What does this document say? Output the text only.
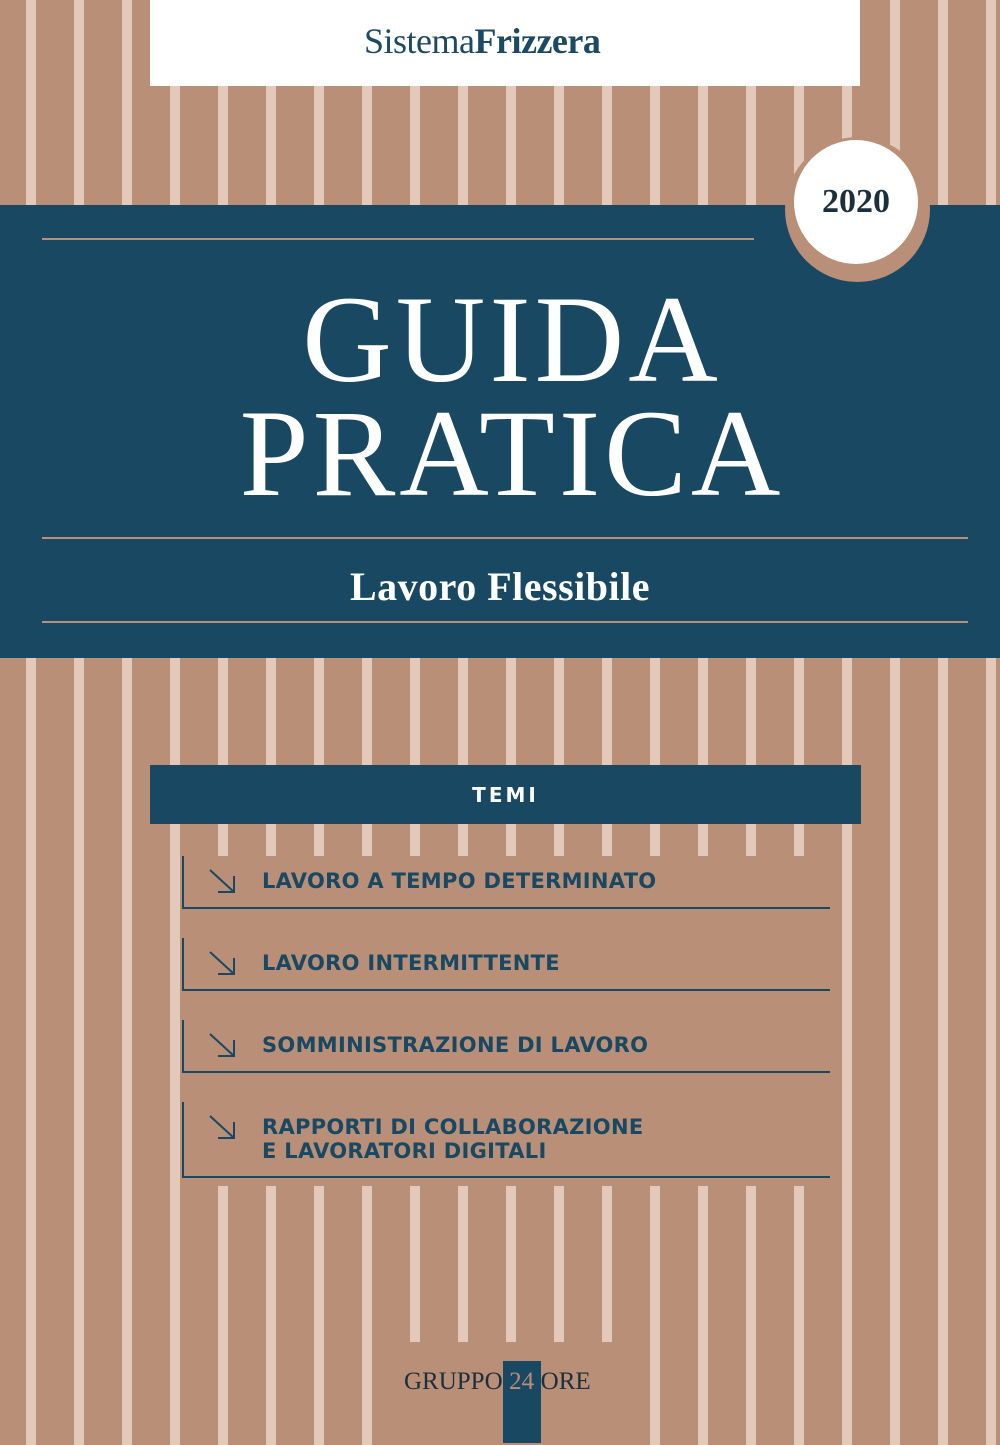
SistemaFrizzera
2020
GUIDA
PRATICA
Lavoro Flessibile
TEMI
LAVORO A TEMPO DETERMINATO
LAVORO INTERMITTENTE
SOMMINISTRAZIONE DI LAVORO
RAPPORTI DI COLLABORAZIONE
E LAVORATORI DIGITALI
GRUPPO 24 ORE
